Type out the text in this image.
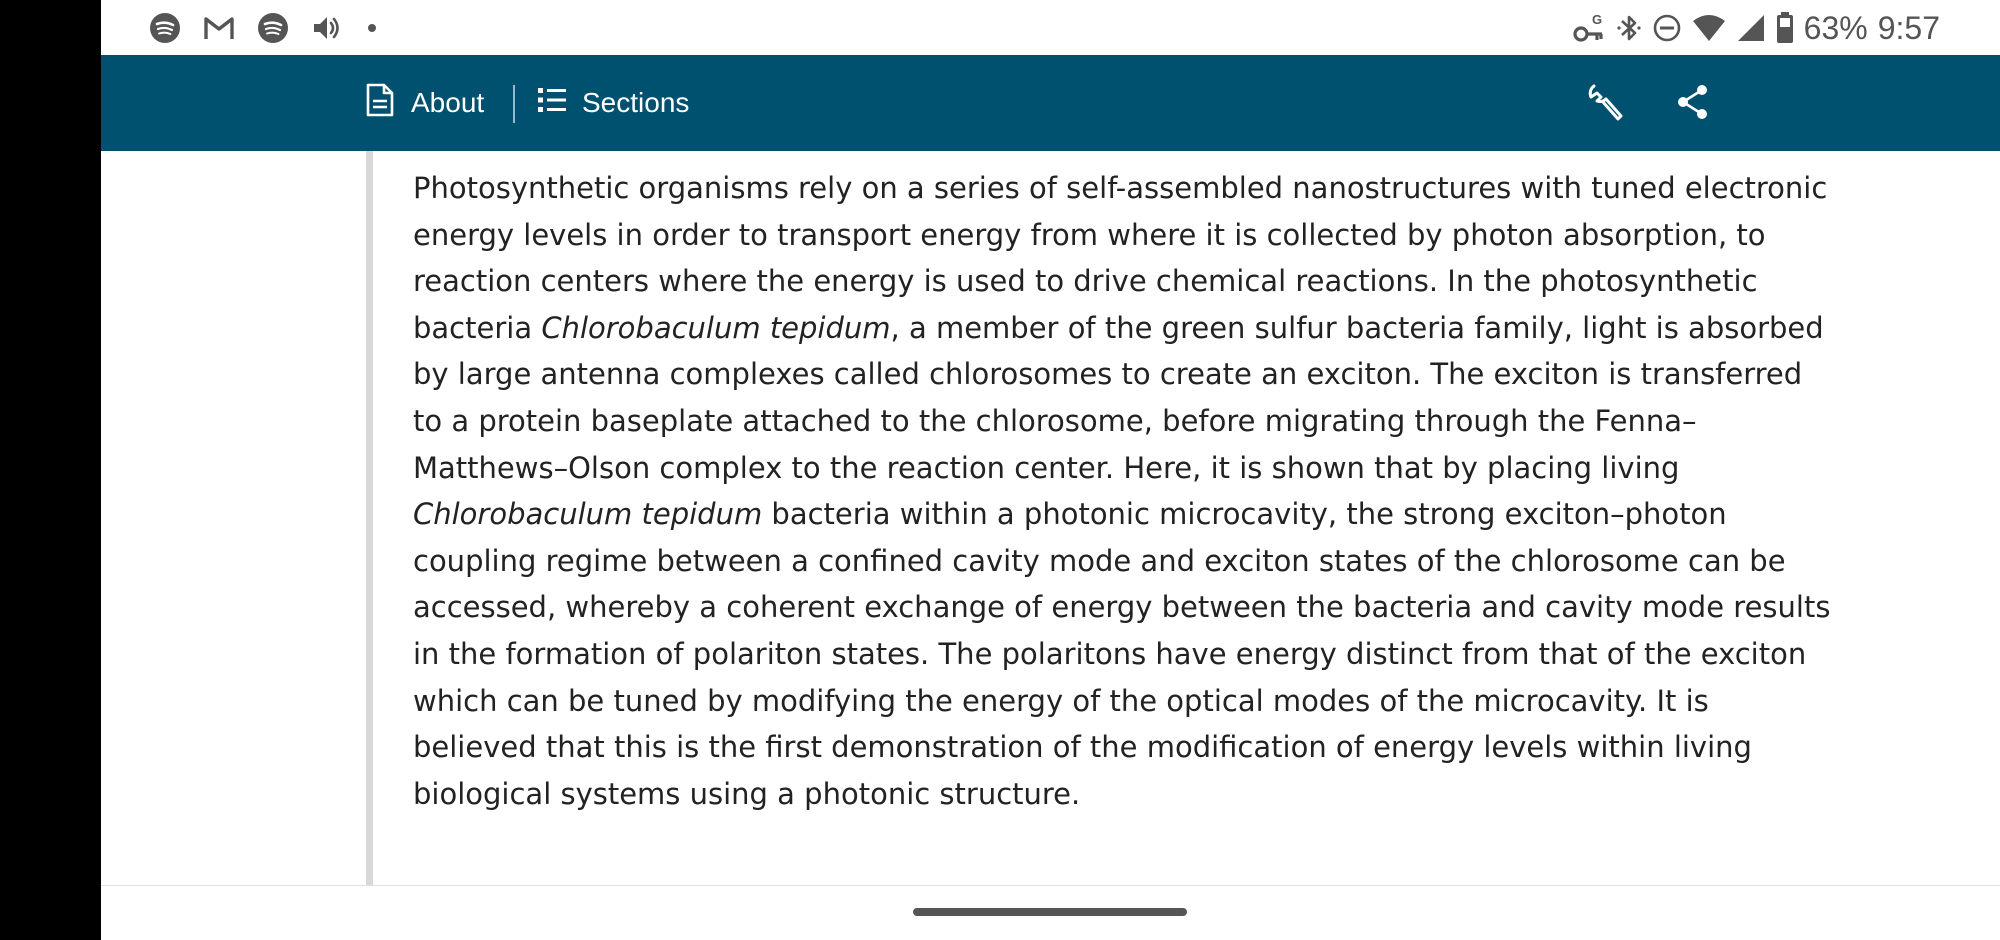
G	63% 9:57
About	Sections

Photosynthetic organisms rely on a series of self-assembled nanostructures with tuned electronic energy levels in order to transport energy from where it is collected by photon absorption, to reaction centers where the energy is used to drive chemical reactions. In the photosynthetic bacteria Chlorobaculum tepidum, a member of the green sulfur bacteria family, light is absorbed by large antenna complexes called chlorosomes to create an exciton. The exciton is transferred to a protein baseplate attached to the chlorosome, before migrating through the Fenna–Matthews–Olson complex to the reaction center. Here, it is shown that by placing living Chlorobaculum tepidum bacteria within a photonic microcavity, the strong exciton–photon coupling regime between a confined cavity mode and exciton states of the chlorosome can be accessed, whereby a coherent exchange of energy between the bacteria and cavity mode results in the formation of polariton states. The polaritons have energy distinct from that of the exciton which can be tuned by modifying the energy of the optical modes of the microcavity. It is believed that this is the first demonstration of the modification of energy levels within living biological systems using a photonic structure.
